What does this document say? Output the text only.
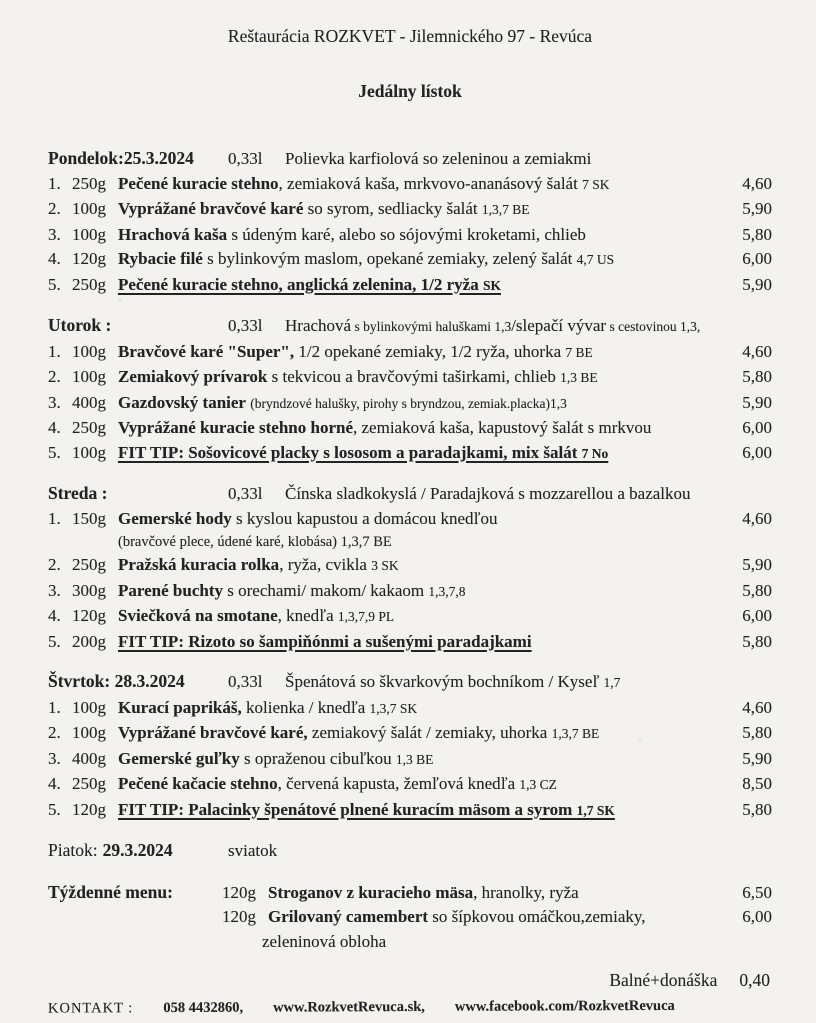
Reštaurácia ROZKVET - Jilemnického 97 - Revúca
Jedálny lístok
Pondelok:25.3.2024	0,33l	Polievka karfiolová so zeleninou a zemiakmi
1. 250g Pečené kuracie stehno, zemiaková kaša, mrkvovo-ananásový šalát 7 SK	4,60
2. 100g Vyprážané bravčové karé so syrom, sedliacky šalát 1,3,7 BE	5,90
3. 100g Hrachová kaša s údeným karé, alebo so sójovými kroketami, chlieb	5,80
4. 120g Rybacie filé s bylinkovým maslom, opekané zemiaky, zelený šalát 4,7 US	6,00
5. 250g Pečené kuracie stehno, anglická zelenina, 1/2 ryža SK	5,90
Utorok :	0,33l	Hrachová s bylinkovými haluškami 1,3/slepačí vývar s cestovinou 1,3,
1. 100g Bravčové karé "Super", 1/2 opekané zemiaky, 1/2 ryža, uhorka 7 BE	4,60
2. 100g Zemiakový prívarok s tekvicou a bravčovými taširkami, chlieb 1,3 BE	5,80
3. 400g Gazdovský tanier (bryndzové halušky, pirohy s bryndzou, zemiak.placka)1,3	5,90
4. 250g Vyprážané kuracie stehno horné, zemiaková kaša, kapustový šalát s mrkvou	6,00
5. 100g FIT TIP: Sošovicové placky s lososom a paradajkami, mix šalát 7 No	6,00
Streda :	0,33l	Čínska sladkokyslá / Paradajková s mozzarellou a bazalkou
1. 150g Gemerské hody s kyslou kapustou a domácou knedľou	4,60
(bravčové plece, údené karé, klobása) 1,3,7 BE
2. 250g Pražská kuracia rolka, ryža, cvikla 3 SK	5,90
3. 300g Parené buchty s orechami/ makom/ kakaom 1,3,7,8	5,80
4. 120g Sviečková na smotane, knedľa 1,3,7,9 PL	6,00
5. 200g FIT TIP: Rizoto so šampiňónmi a sušenými paradajkami	5,80
Štvrtok: 28.3.2024	0,33l	Špenátová so škvarkovým bochníkom / Kyseľ 1,7
1. 100g Kurací paprikáš, kolienka / knedľa 1,3,7 SK	4,60
2. 100g Vyprážané bravčové karé, zemiakový šalát / zemiaky, uhorka 1,3,7 BE	5,80
3. 400g Gemerské guľky s opraženou cibuľkou 1,3 BE	5,90
4. 250g Pečené kačacie stehno, červená kapusta, žemľová knedľa 1,3 CZ	8,50
5. 120g FIT TIP: Palacinky špenátové plnené kuracím mäsom a syrom 1,7 SK	5,80
Piatok: 29.3.2024	sviatok
Týždenné menu:	120g Stroganov z kuracieho mäsa, hranolky, ryža	6,50
120g Grilovaný camembert so šípkovou omáčkou,zemiaky,	6,00
zeleninová obloha
Balné+donáška 0,40
KONTAKT : 058 4432860, www.RozkvetRevuca.sk, www.facebook.com/RozkvetRevuca
